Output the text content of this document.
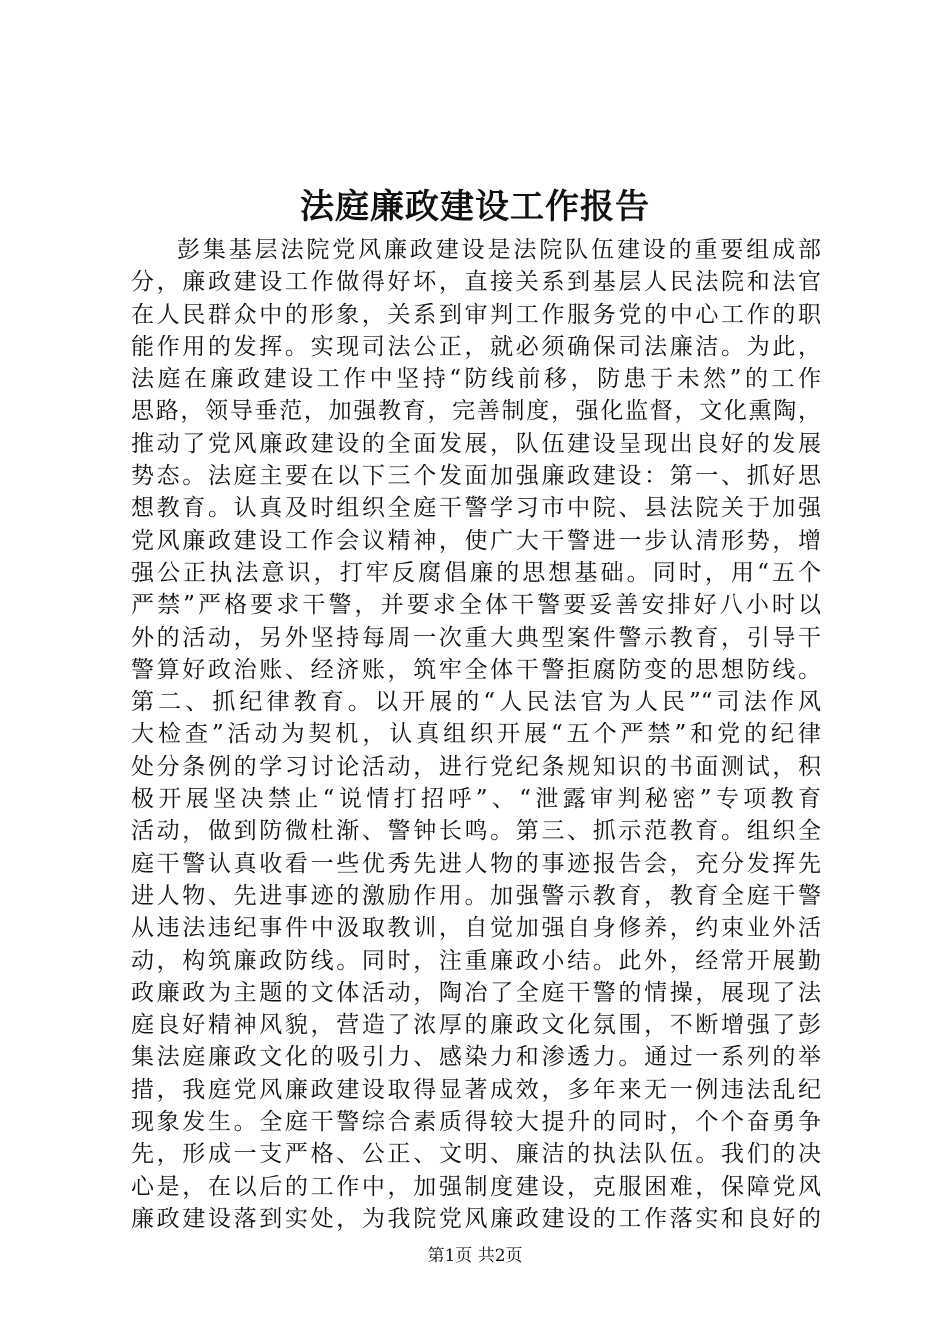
法庭廉政建设工作报告
彭集基层法院党风廉政建设是法院队伍建设的重要组成部
分，廉政建设工作做得好坏，直接关系到基层人民法院和法官
在人民群众中的形象，关系到审判工作服务党的中心工作的职
能作用的发挥。实现司法公正，就必须确保司法廉洁。为此，
法庭在廉政建设工作中坚持“防线前移，防患于未然”的工作
思路，领导垂范，加强教育，完善制度，强化监督，文化熏陶，
推动了党风廉政建设的全面发展，队伍建设呈现出良好的发展
势态。法庭主要在以下三个发面加强廉政建设：第一、抓好思
想教育。认真及时组织全庭干警学习市中院、县法院关于加强
党风廉政建设工作会议精神，使广大干警进一步认清形势，增
强公正执法意识，打牢反腐倡廉的思想基础。同时，用“五个
严禁”严格要求干警，并要求全体干警要妥善安排好八小时以
外的活动，另外坚持每周一次重大典型案件警示教育，引导干
警算好政治账、经济账，筑牢全体干警拒腐防变的思想防线。
第二、抓纪律教育。以开展的“人民法官为人民”“司法作风
大检查”活动为契机，认真组织开展“五个严禁”和党的纪律
处分条例的学习讨论活动，进行党纪条规知识的书面测试，积
极开展坚决禁止“说情打招呼”、“泄露审判秘密”专项教育
活动，做到防微杜渐、警钟长鸣。第三、抓示范教育。组织全
庭干警认真收看一些优秀先进人物的事迹报告会，充分发挥先
进人物、先进事迹的激励作用。加强警示教育，教育全庭干警
从违法违纪事件中汲取教训，自觉加强自身修养，约束业外活
动，构筑廉政防线。同时，注重廉政小结。此外，经常开展勤
政廉政为主题的文体活动，陶冶了全庭干警的情操，展现了法
庭良好精神风貌，营造了浓厚的廉政文化氛围，不断增强了彭
集法庭廉政文化的吸引力、感染力和渗透力。通过一系列的举
措，我庭党风廉政建设取得显著成效，多年来无一例违法乱纪
现象发生。全庭干警综合素质得较大提升的同时，个个奋勇争
先，形成一支严格、公正、文明、廉洁的执法队伍。我们的决
心是，在以后的工作中，加强制度建设，克服困难，保障党风
廉政建设落到实处，为我院党风廉政建设的工作落实和良好的
第1页 共2页
